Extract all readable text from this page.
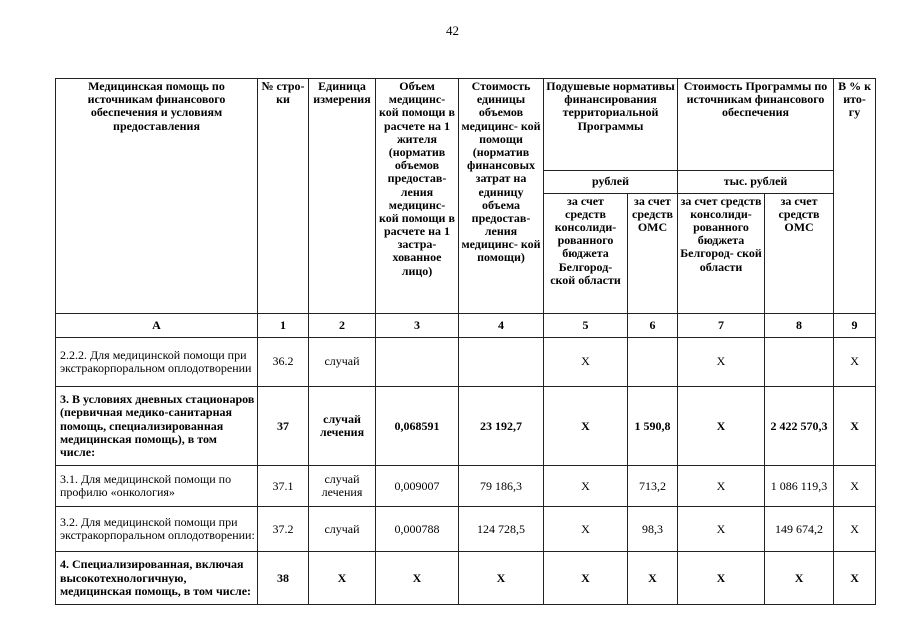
42
Медицинская помощь по источникам финансового обеспечения и условиям предоставления	№ стро- ки	Единица измерения	Объем медицинс- кой помощи в расчете на 1 жителя (норматив объемов предостав- ления медицинс- кой помощи в расчете на 1 застра- хованное лицо)	Стоимость единицы объемов медицинс- кой помощи (норматив финансовых затрат на единицу объема предостав- ления медицинс- кой помощи)	Подушевые нормативы финансирования территориальной Программы		Стоимость Программы по источникам финансового обеспечения		В % к ито- гу
					рублей		тыс. рублей		
					за счет средств консолиди- рованного бюджета Белгород- ской области	за счет средств ОМС	за счет средств консолиди- рованного бюджета Белгород- ской области	за счет средств ОМС	
А	1	2	3	4	5	6	7	8	9
2.2.2. Для медицинской помощи при экстракорпоральном оплодотворении	36.2	случай			X		X		X
3. В условиях дневных стационаров (первичная медико-санитарная помощь, специализированная медицинская помощь), в том числе:	37	случай лечения	0,068591	23 192,7	X	1 590,8	X	2 422 570,3	X
3.1. Для медицинской помощи по профилю «онкология»	37.1	случай лечения	0,009007	79 186,3	X	713,2	X	1 086 119,3	X
3.2. Для медицинской помощи при экстракорпоральном оплодотворении:	37.2	случай	0,000788	124 728,5	X	98,3	X	149 674,2	X
4. Специализированная, включая высокотехнологичную, медицинская помощь, в том числе:	38	X	X	X	X	X	X	X	X
